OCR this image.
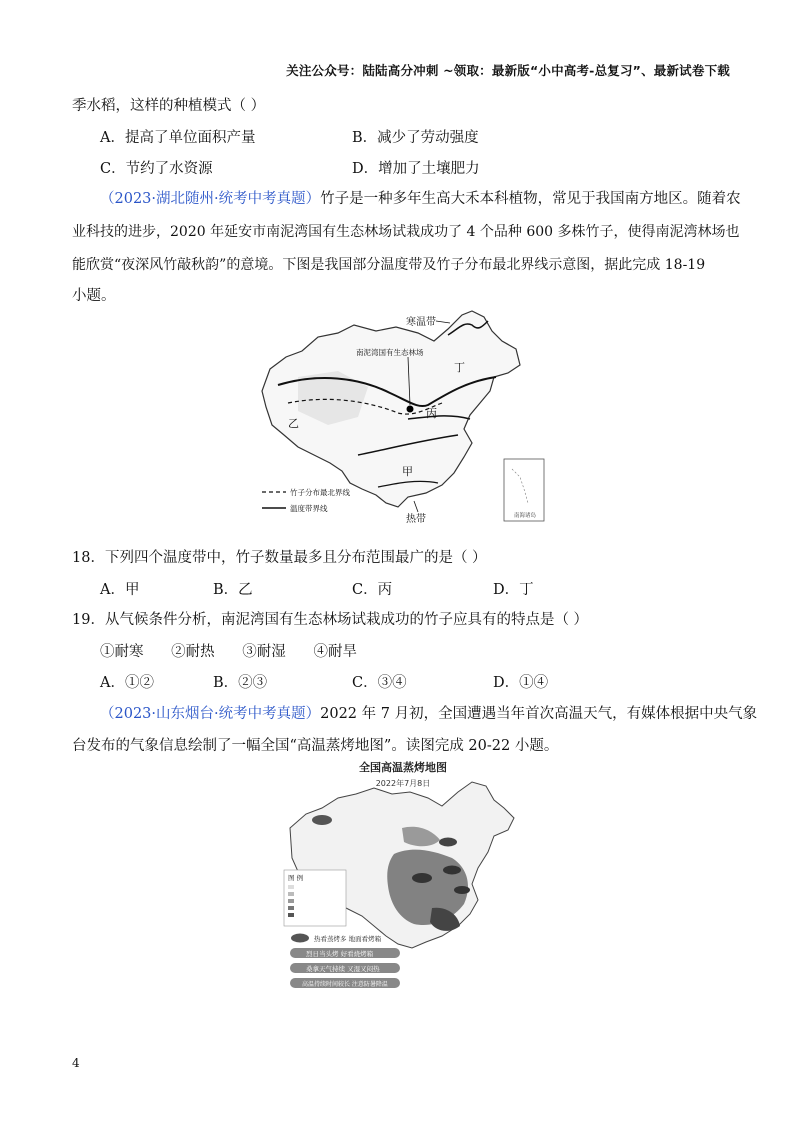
关注公众号：陆陆高分冲刺 ~领取：最新版“小中高考-总复习”、最新试卷下载
季水稻，这样的种植模式（ ）
A．提高了单位面积产量	B．减少了劳动强度
C．节约了水资源	D．增加了土壤肥力
（2023·湖北随州·统考中考真题）竹子是一种多年生高大禾本科植物，常见于我国南方地区。随着农
业科技的进步，2020 年延安市南泥湾国有生态林场试栽成功了 4 个品种 600 多株竹子，使得南泥湾林场也
能欣赏“夜深风竹敲秋韵”的意境。下图是我国部分温度带及竹子分布最北界线示意图，据此完成 18-19
小题。
寒温带
南泥湾国有生态林场
丁
丙
乙
甲
热带
竹子分布最北界线
温度带界线
南海诸岛
18．下列四个温度带中，竹子数量最多且分布范围最广的是（ ）
A．甲	B．乙	C．丙	D．丁
19．从气候条件分析，南泥湾国有生态林场试栽成功的竹子应具有的特点是（ ）
①耐寒      ②耐热      ③耐湿      ④耐旱
A．①②	B．②③	C．③④	D．①④
（2023·山东烟台·统考中考真题）2022 年 7 月初，全国遭遇当年首次高温天气，有媒体根据中央气象
台发布的气象信息绘制了一幅全国“高温蒸烤地图”。读图完成 20-22 小题。
全国高温蒸烤地图
2022年7月8日
图 例
热看蒸烤多 地面看烤箱
烈日当头烤 好看烧烤箱
桑拿天气持续 又湿又闷热
高温持续时间较长 注意防暑降温
4
